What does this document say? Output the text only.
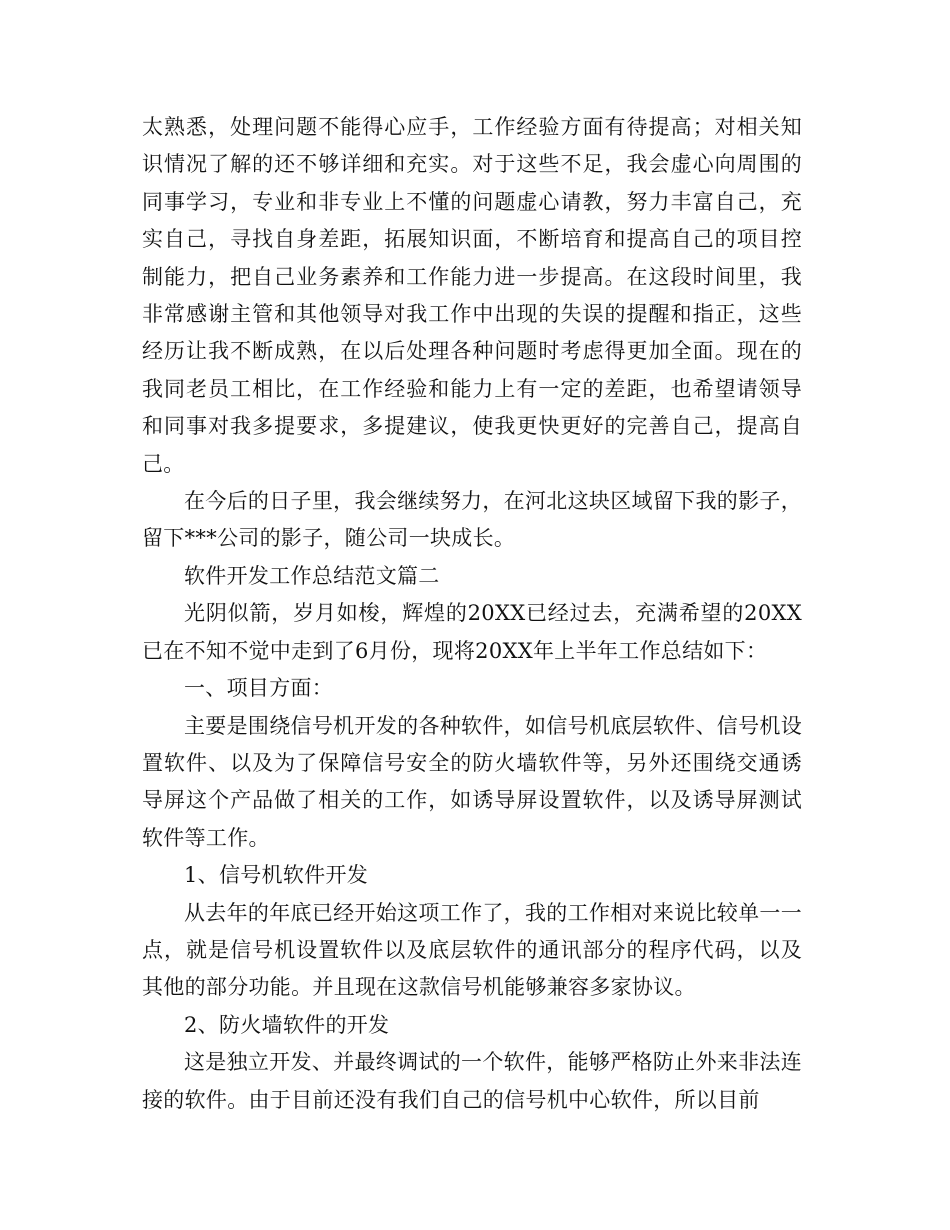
太熟悉，处理问题不能得心应手，工作经验方面有待提高；对相关知识情况了解的还不够详细和充实。对于这些不足，我会虚心向周围的同事学习，专业和非专业上不懂的问题虚心请教，努力丰富自己，充实自己，寻找自身差距，拓展知识面，不断培育和提高自己的项目控制能力，把自己业务素养和工作能力进一步提高。在这段时间里，我非常感谢主管和其他领导对我工作中出现的失误的提醒和指正，这些经历让我不断成熟，在以后处理各种问题时考虑得更加全面。现在的我同老员工相比，在工作经验和能力上有一定的差距，也希望请领导和同事对我多提要求，多提建议，使我更快更好的完善自己，提高自己。

在今后的日子里，我会继续努力，在河北这块区域留下我的影子，留下***公司的影子，随公司一块成长。

软件开发工作总结范文篇二

光阴似箭，岁月如梭，辉煌的20XX已经过去，充满希望的20XX已在不知不觉中走到了6月份，现将20XX年上半年工作总结如下：

一、项目方面：

主要是围绕信号机开发的各种软件，如信号机底层软件、信号机设置软件、以及为了保障信号安全的防火墙软件等，另外还围绕交通诱导屏这个产品做了相关的工作，如诱导屏设置软件，以及诱导屏测试软件等工作。

1、信号机软件开发

从去年的年底已经开始这项工作了，我的工作相对来说比较单一一点，就是信号机设置软件以及底层软件的通讯部分的程序代码，以及其他的部分功能。并且现在这款信号机能够兼容多家协议。

2、防火墙软件的开发

这是独立开发、并最终调试的一个软件，能够严格防止外来非法连接的软件。由于目前还没有我们自己的信号机中心软件，所以目前
